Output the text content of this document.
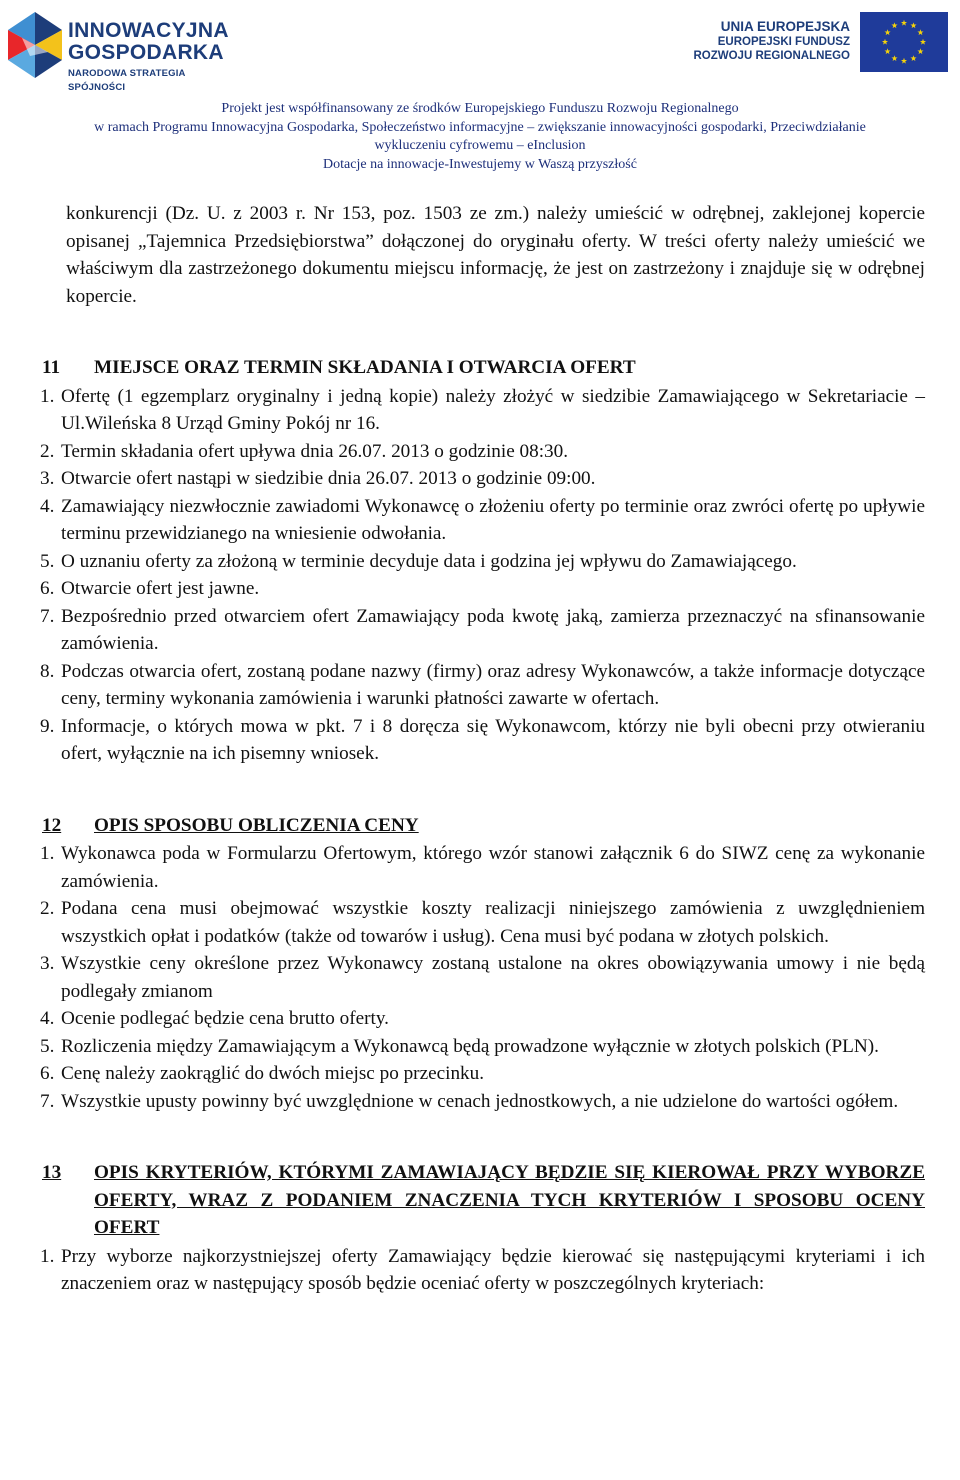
INNOWACYJNA
GOSPODARKA
NARODOWA STRATEGIA SPÓJNOŚCI
UNIA EUROPEJSKA
EUROPEJSKI FUNDUSZ
ROZWOJU REGIONALNEGO
Projekt jest współfinansowany ze środków Europejskiego Funduszu Rozwoju Regionalnego
w ramach Programu Innowacyjna Gospodarka, Społeczeństwo informacyjne – zwiększanie innowacyjności gospodarki, Przeciwdziałanie
wykluczeniu cyfrowemu – eInclusion
Dotacje na innowacje-Inwestujemy w Waszą przyszłość

konkurencji (Dz. U. z 2003 r. Nr 153, poz. 1503 ze zm.) należy umieścić w odrębnej, zaklejonej kopercie opisanej „Tajemnica Przedsiębiorstwa” dołączonej do oryginału oferty. W treści oferty należy umieścić we właściwym dla zastrzeżonego dokumentu miejscu informację, że jest on zastrzeżony i znajduje się w odrębnej kopercie.

11	MIEJSCE ORAZ TERMIN SKŁADANIA I OTWARCIA OFERT
1. Ofertę (1 egzemplarz oryginalny i jedną kopie) należy złożyć w siedzibie Zamawiającego w Sekretariacie – Ul.Wileńska 8 Urząd Gminy Pokój nr 16.
2. Termin składania ofert upływa dnia 26.07. 2013 o godzinie 08:30.
3. Otwarcie ofert nastąpi w siedzibie dnia 26.07. 2013 o godzinie 09:00.
4. Zamawiający niezwłocznie zawiadomi Wykonawcę o złożeniu oferty po terminie oraz zwróci ofertę po upływie terminu przewidzianego na wniesienie odwołania.
5. O uznaniu oferty za złożoną w terminie decyduje data i godzina jej wpływu do Zamawiającego.
6. Otwarcie ofert jest jawne.
7. Bezpośrednio przed otwarciem ofert Zamawiający poda kwotę jaką, zamierza przeznaczyć na sfinansowanie zamówienia.
8. Podczas otwarcia ofert, zostaną podane nazwy (firmy) oraz adresy Wykonawców, a także informacje dotyczące ceny, terminy wykonania zamówienia i warunki płatności zawarte w ofertach.
9. Informacje, o których mowa w pkt. 7 i 8 doręcza się Wykonawcom, którzy nie byli obecni przy otwieraniu ofert, wyłącznie na ich pisemny wniosek.
12	OPIS SPOSOBU OBLICZENIA CENY
1. Wykonawca poda w Formularzu Ofertowym, którego wzór stanowi załącznik 6 do SIWZ cenę za wykonanie zamówienia.
2. Podana cena musi obejmować wszystkie koszty realizacji niniejszego zamówienia z uwzględnieniem wszystkich opłat i podatków (także od towarów i usług). Cena musi być podana w złotych polskich.
3. Wszystkie ceny określone przez Wykonawcy zostaną ustalone na okres obowiązywania umowy i nie będą podlegały zmianom
4. Ocenie podlegać będzie cena brutto oferty.
5. Rozliczenia między Zamawiającym a Wykonawcą będą prowadzone wyłącznie w złotych polskich (PLN).
6. Cenę należy zaokrąglić do dwóch miejsc po przecinku.
7. Wszystkie upusty powinny być uwzględnione w cenach jednostkowych, a nie udzielone do wartości ogółem.
13	OPIS KRYTERIÓW, KTÓRYMI ZAMAWIAJĄCY BĘDZIE SIĘ KIEROWAŁ PRZY WYBORZE OFERTY, WRAZ Z PODANIEM ZNACZENIA TYCH KRYTERIÓW I SPOSOBU OCENY OFERT
1. Przy wyborze najkorzystniejszej oferty Zamawiający będzie kierować się następującymi kryteriami i ich znaczeniem oraz w następujący sposób będzie oceniać oferty w poszczególnych kryteriach:
